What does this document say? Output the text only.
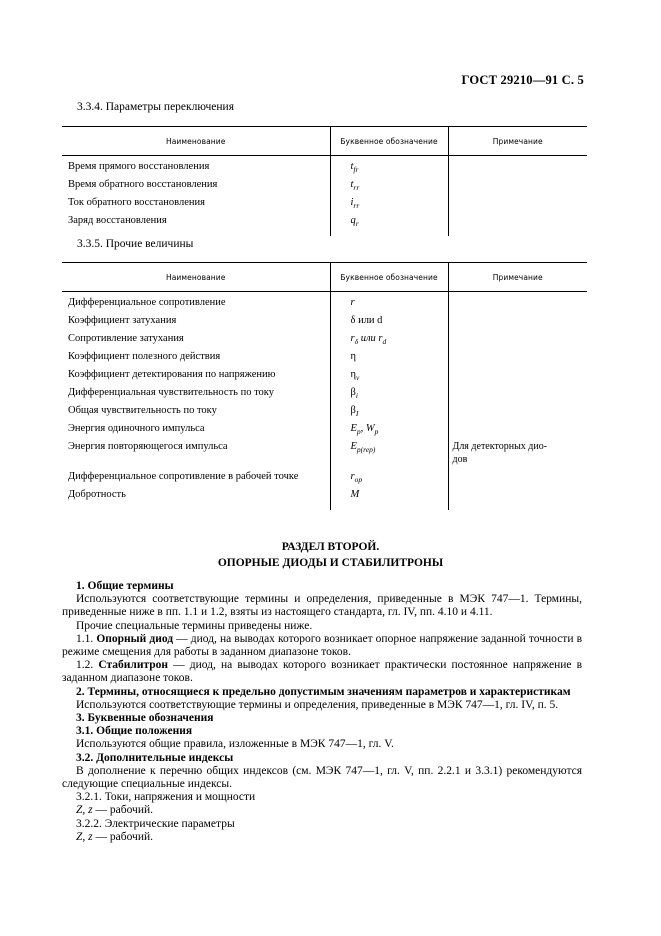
ГОСТ 29210—91 С. 5
3.3.4. Параметры переключения
Наименование	Буквенное обозначение	Примечание
Время прямого восстановления	$t_{fr}$	
Время обратного восстановления	$t_{rr}$	
Ток обратного восстановления	$i_{rr}$	
Заряд восстановления	$q_r$	
3.3.5. Прочие величины
Наименование	Буквенное обозначение	Примечание
Дифференциальное сопротивление	r	
Коэффициент затухания	δ или d	
Сопротивление затухания	$r_\delta$ или $r_d$	
Коэффициент полезного действия	η	
Коэффициент детектирования по напряжению	$\eta_v$	
Дифференциальная чувствительность по току	$\beta_i$	
Общая чувствительность по току	$\beta_I$	
Энергия одиночного импульса	$E_p$, $W_p$	
Энергия повторяющегося импульса	$E_{p(rep)}$	Для детекторных дио-
дов
Дифференциальное сопротивление в рабочей точке	$r_{op}$	
Добротность	M	
РАЗДЕЛ ВТОРОЙ.
ОПОРНЫЕ ДИОДЫ И СТАБИЛИТРОНЫ

1. Общие термины

Используются соответствующие термины и определения, приведенные в МЭК 747—1. Термины, приведенные ниже в пп. 1.1 и 1.2, взяты из настоящего стандарта, гл. IV, пп. 4.10 и 4.11.

Прочие специальные термины приведены ниже.

1.1. Опорный диод — диод, на выводах которого возникает опорное напряжение заданной точности в режиме смещения для работы в заданном диапазоне токов.

1.2. Стабилитрон — диод, на выводах которого возникает практически постоянное напряжение в заданном диапазоне токов.

2. Термины, относящиеся к предельно допустимым значениям параметров и характеристикам

Используются соответствующие термины и определения, приведенные в МЭК 747—1, гл. IV, п. 5.

3. Буквенные обозначения

3.1. Общие положения

Используются общие правила, изложенные в МЭК 747—1, гл. V.

3.2. Дополнительные индексы

В дополнение к перечню общих индексов (см. МЭК 747—1, гл. V, пп. 2.2.1 и 3.3.1) рекомендуются следующие специальные индексы.

3.2.1. Токи, напряжения и мощности

Z, z — рабочий.

3.2.2. Электрические параметры

Z, z — рабочий.
